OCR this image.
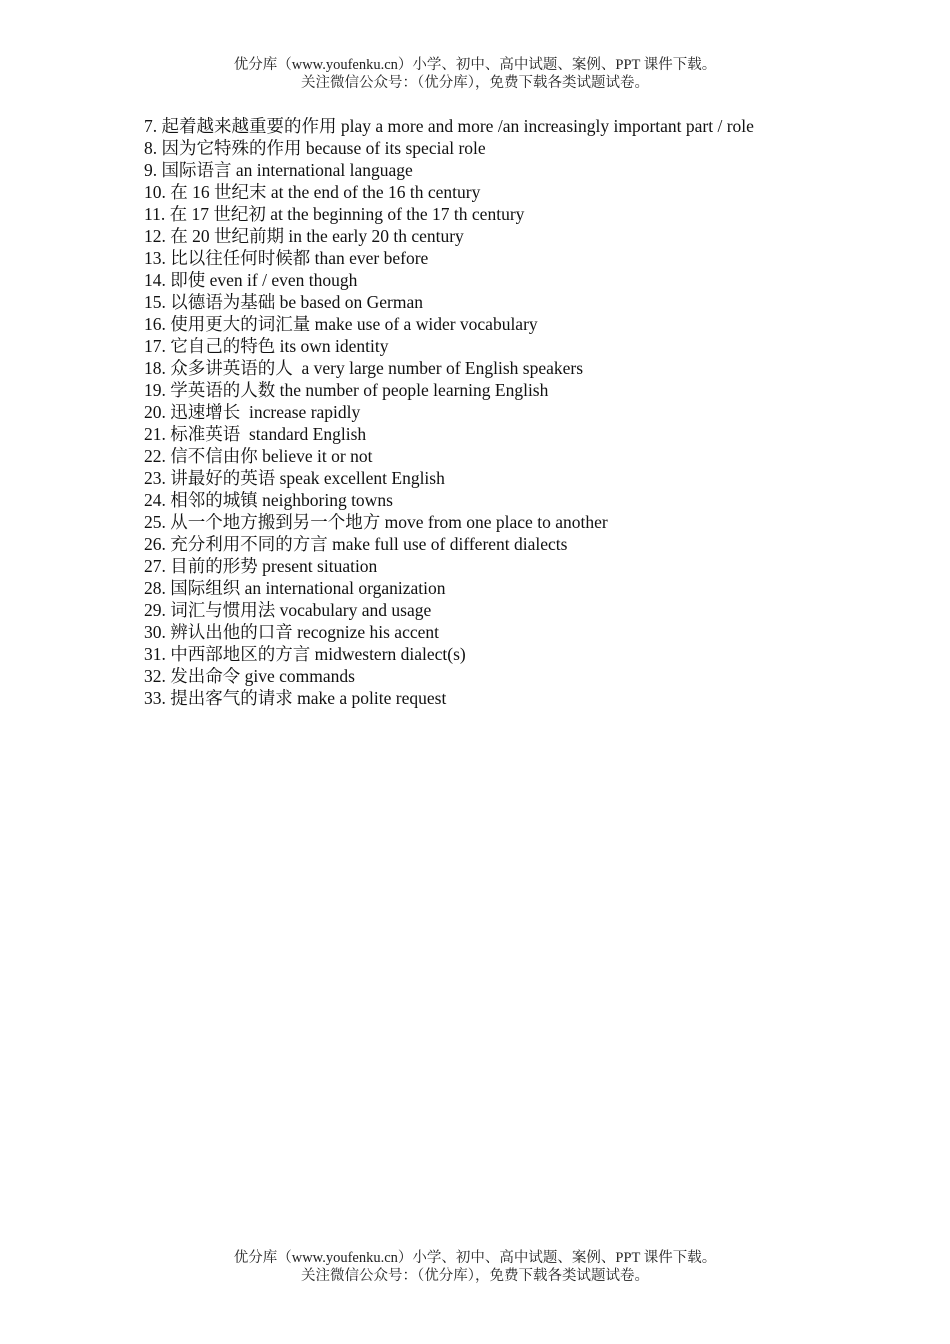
优分库（www.youfenku.cn）小学、初中、高中试题、案例、PPT 课件下载。
关注微信公众号：（优分库），免费下载各类试题试卷。
7. 起着越来越重要的作用 play a more and more /an increasingly important part / role
8. 因为它特殊的作用 because of its special role
9. 国际语言 an international language
10. 在 16 世纪末 at the end of the 16 th century
11. 在 17 世纪初 at the beginning of the 17 th century
12. 在 20 世纪前期 in the early 20 th century
13. 比以往任何时候都 than ever before
14. 即使 even if / even though
15. 以德语为基础 be based on German
16. 使用更大的词汇量 make use of a wider vocabulary
17. 它自己的特色 its own identity
18. 众多讲英语的人  a very large number of English speakers
19. 学英语的人数 the number of people learning English
20. 迅速增长  increase rapidly
21. 标准英语  standard English
22. 信不信由你 believe it or not
23. 讲最好的英语 speak excellent English
24. 相邻的城镇 neighboring towns
25. 从一个地方搬到另一个地方 move from one place to another
26. 充分利用不同的方言 make full use of different dialects
27. 目前的形势 present situation
28. 国际组织 an international organization
29. 词汇与惯用法 vocabulary and usage
30. 辨认出他的口音 recognize his accent
31. 中西部地区的方言 midwestern dialect(s)
32. 发出命令 give commands
33. 提出客气的请求 make a polite request
优分库（www.youfenku.cn）小学、初中、高中试题、案例、PPT 课件下载。
关注微信公众号：（优分库），免费下载各类试题试卷。
